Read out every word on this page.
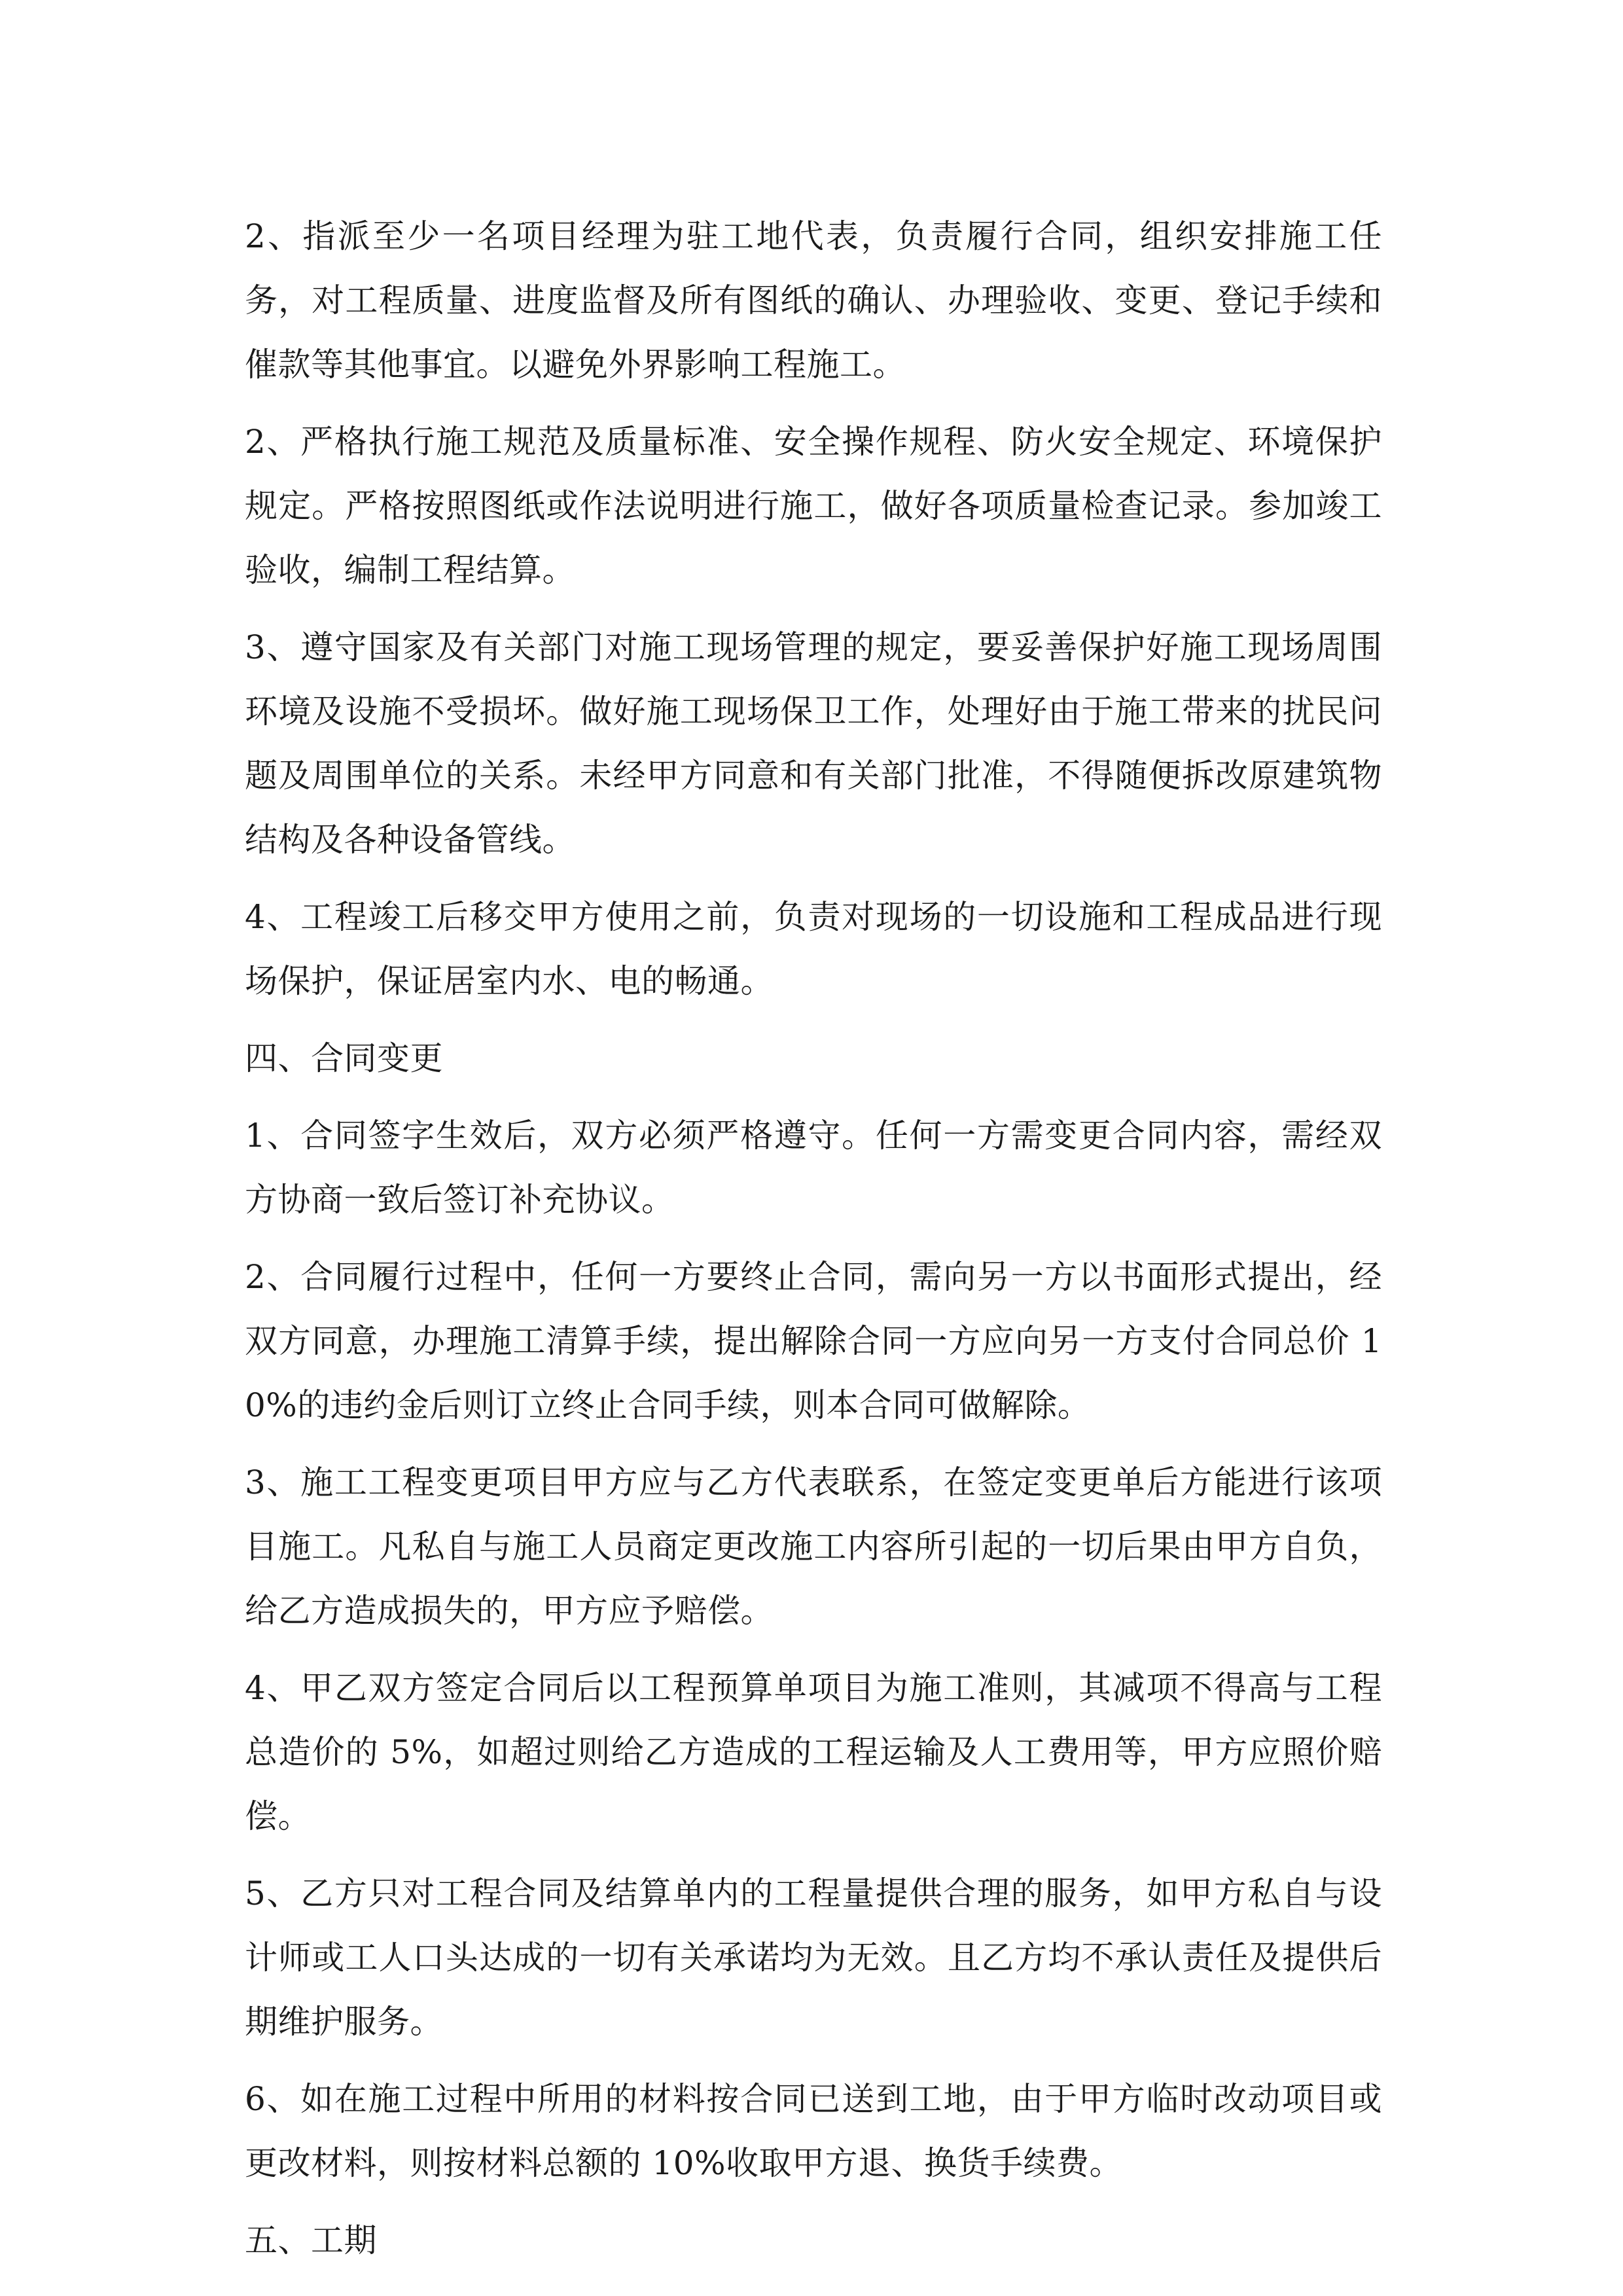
2、指派至少一名项目经理为驻工地代表，负责履行合同，组织安排施工任务，对工程质量、进度监督及所有图纸的确认、办理验收、变更、登记手续和催款等其他事宜。以避免外界影响工程施工。

2、严格执行施工规范及质量标准、安全操作规程、防火安全规定、环境保护规定。严格按照图纸或作法说明进行施工，做好各项质量检查记录。参加竣工验收，编制工程结算。

3、遵守国家及有关部门对施工现场管理的规定，要妥善保护好施工现场周围环境及设施不受损坏。做好施工现场保卫工作，处理好由于施工带来的扰民问题及周围单位的关系。未经甲方同意和有关部门批准，不得随便拆改原建筑物结构及各种设备管线。

4、工程竣工后移交甲方使用之前，负责对现场的一切设施和工程成品进行现场保护，保证居室内水、电的畅通。

四、合同变更

1、合同签字生效后，双方必须严格遵守。任何一方需变更合同内容，需经双方协商一致后签订补充协议。

2、合同履行过程中，任何一方要终止合同，需向另一方以书面形式提出，经双方同意，办理施工清算手续，提出解除合同一方应向另一方支付合同总价 10%的违约金后则订立终止合同手续，则本合同可做解除。

3、施工工程变更项目甲方应与乙方代表联系，在签定变更单后方能进行该项目施工。凡私自与施工人员商定更改施工内容所引起的一切后果由甲方自负，给乙方造成损失的，甲方应予赔偿。

4、甲乙双方签定合同后以工程预算单项目为施工准则，其减项不得高与工程总造价的 5%，如超过则给乙方造成的工程运输及人工费用等，甲方应照价赔偿。

5、乙方只对工程合同及结算单内的工程量提供合理的服务，如甲方私自与设计师或工人口头达成的一切有关承诺均为无效。且乙方均不承认责任及提供后期维护服务。

6、如在施工过程中所用的材料按合同已送到工地，由于甲方临时改动项目或更改材料，则按材料总额的 10%收取甲方退、换货手续费。

五、工期
